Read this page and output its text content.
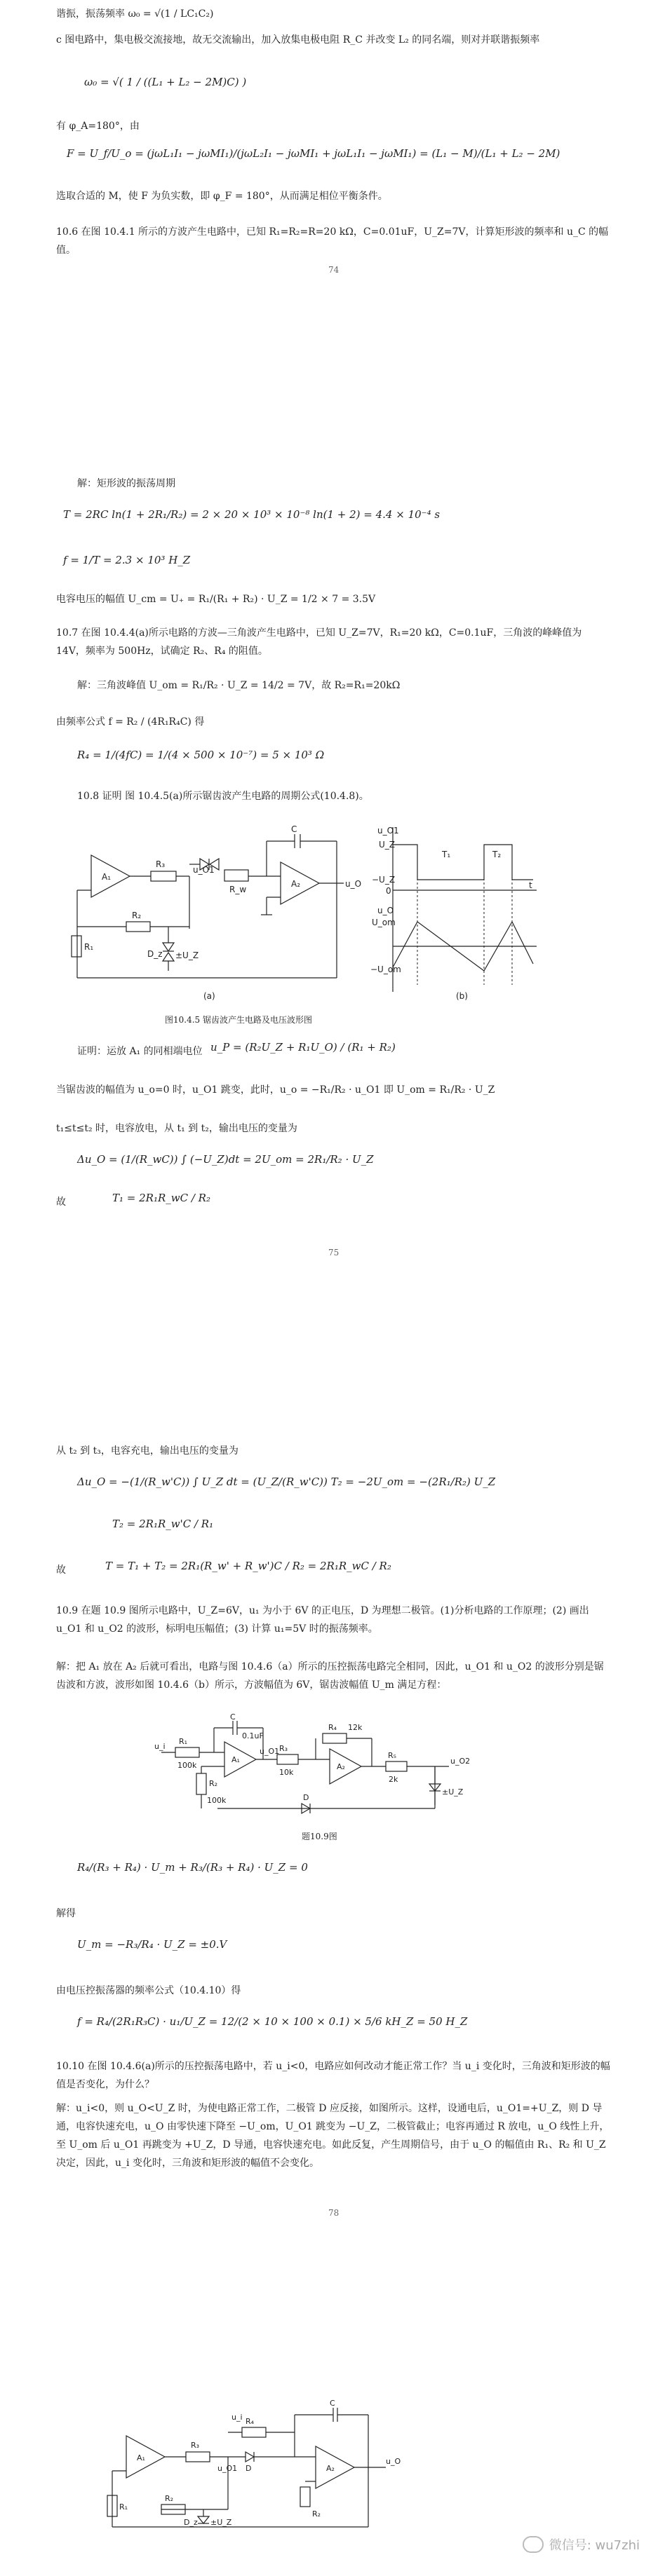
谐振，振荡频率 ω₀ = √(1 / LC₁C₂)
c 图电路中，集电极交流接地，故无交流输出，加入放集电极电阻 R_C 并改变 L₂ 的同名端，则对并联谐振频率
ω₀ = √( 1 / ((L₁ + L₂ − 2M)C) )
有 φ_A=180°，由
F = U_f/U_o = (jωL₁I₁ − jωMI₁)/(jωL₂I₁ − jωMI₁ + jωL₁I₁ − jωMI₁) = (L₁ − M)/(L₁ + L₂ − 2M)
选取合适的 M，使 F 为负实数，即 φ_F = 180°，从而满足相位平衡条件。
10.6 在图 10.4.1 所示的方波产生电路中，已知 R₁=R₂=R=20 kΩ，C=0.01uF，U_Z=7V，计算矩形波的频率和 u_C 的幅值。
74
解：矩形波的振荡周期
T = 2RC ln(1 + 2R₁/R₂) = 2 × 20 × 10³ × 10⁻⁸ ln(1 + 2) = 4.4 × 10⁻⁴ s
f = 1/T = 2.3 × 10³ H_Z
电容电压的幅值 U_cm = U₊ = R₁/(R₁ + R₂) · U_Z = 1/2 × 7 = 3.5V
10.7 在图 10.4.4(a)所示电路的方波—三角波产生电路中，已知 U_Z=7V，R₁=20 kΩ，C=0.1uF，三角波的峰峰值为 14V，频率为 500Hz，试确定 R₂、R₄ 的阻值。
解：三角波峰值 U_om = R₁/R₂ · U_Z = 14/2 = 7V，故 R₂=R₁=20kΩ
由频率公式 f = R₂ / (4R₁R₄C) 得
R₄ = 1/(4fC) = 1/(4 × 500 × 10⁻⁷) = 5 × 10³ Ω
10.8 证明 图 10.4.5(a)所示锯齿波产生电路的周期公式(10.4.8)。
A₁
A₂
R₃
R_w
C
R₂
R₁
D_z ±U_Z
u_O1
u_O
u_O1
U_Z
−U_Z
0
T₁	T₂
U_om
−U_om
u_O
t
(a)	(b)
图10.4.5 锯齿波产生电路及电压波形图
证明：运放 A₁ 的同相端电位 u_P = (R₂U_Z + R₁U_O) / (R₁ + R₂)
当锯齿波的幅值为 u_o=0 时，u_O1 跳变，此时，u_o = −R₁/R₂ · u_O1 即 U_om = R₁/R₂ · U_Z
t₁≤t≤t₂ 时，电容放电，从 t₁ 到 t₂，输出电压的变量为
Δu_O = (1/(R_wC)) ∫ (−U_Z)dt = 2U_om = 2R₁/R₂ · U_Z
故	T₁ = 2R₁R_wC / R₂
75
从 t₂ 到 t₃，电容充电，输出电压的变量为
Δu_O = −(1/(R_w'C)) ∫ U_Z dt = (U_Z/(R_w'C)) T₂ = −2U_om = −(2R₁/R₂) U_Z
T₂ = 2R₁R_w'C / R₁
故	T = T₁ + T₂ = 2R₁(R_w' + R_w')C / R₂ = 2R₁R_wC / R₂
10.9 在题 10.9 图所示电路中，U_Z=6V，u₁ 为小于 6V 的正电压，D 为理想二极管。(1)分析电路的工作原理；(2) 画出 u_O1 和 u_O2 的波形，标明电压幅值；(3) 计算 u₁=5V 时的振荡频率。
解：把 A₁ 放在 A₂ 后就可看出，电路与图 10.4.6（a）所示的压控振荡电路完全相同，因此，u_O1 和 u_O2 的波形分别是锯齿波和方波，波形如图 10.4.6（b）所示，方波幅值为 6V，锯齿波幅值 U_m 满足方程：
u_i
R₁
100k
R₂
100k
C
0.1uF
A₁
R₃
10k
R₄ 12k
A₂
R₅
2k
D
±U_Z
u_O1
u_O2
题10.9图
R₄/(R₃ + R₄) · U_m + R₃/(R₃ + R₄) · U_Z = 0
解得
U_m = −R₃/R₄ · U_Z = ±0.V
由电压控振荡器的频率公式（10.4.10）得
f = R₄/(2R₁R₃C) · u₁/U_Z = 12/(2 × 10 × 100 × 0.1) × 5/6 kH_Z = 50 H_Z
10.10 在图 10.4.6(a)所示的压控振荡电路中，若 u_i<0，电路应如何改动才能正常工作？当 u_i 变化时，三角波和矩形波的幅值是否变化，为什么？
解：u_i<0，则 u_O<U_Z 时，为使电路正常工作，二极管 D 应反接，如图所示。这样，设通电后，u_O1=+U_Z，则 D 导通，电容快速充电，u_O 由零快速下降至 −U_om，U_O1 跳变为 −U_Z，二极管截止；电容再通过 R 放电，u_O 线性上升，至 U_om 后 u_O1 再跳变为 +U_Z，D 导通，电容快速充电。如此反复，产生周期信号，由于 u_O 的幅值由 R₁、R₂ 和 U_Z 决定，因此，u_i 变化时，三角波和矩形波的幅值不会变化。
78
A₁
A₂
R₃
R₄
R₂
R₁
u_i
C
D_z ±U_Z
u_O1
u_O
D
R₂
微信号: wu7zhi
